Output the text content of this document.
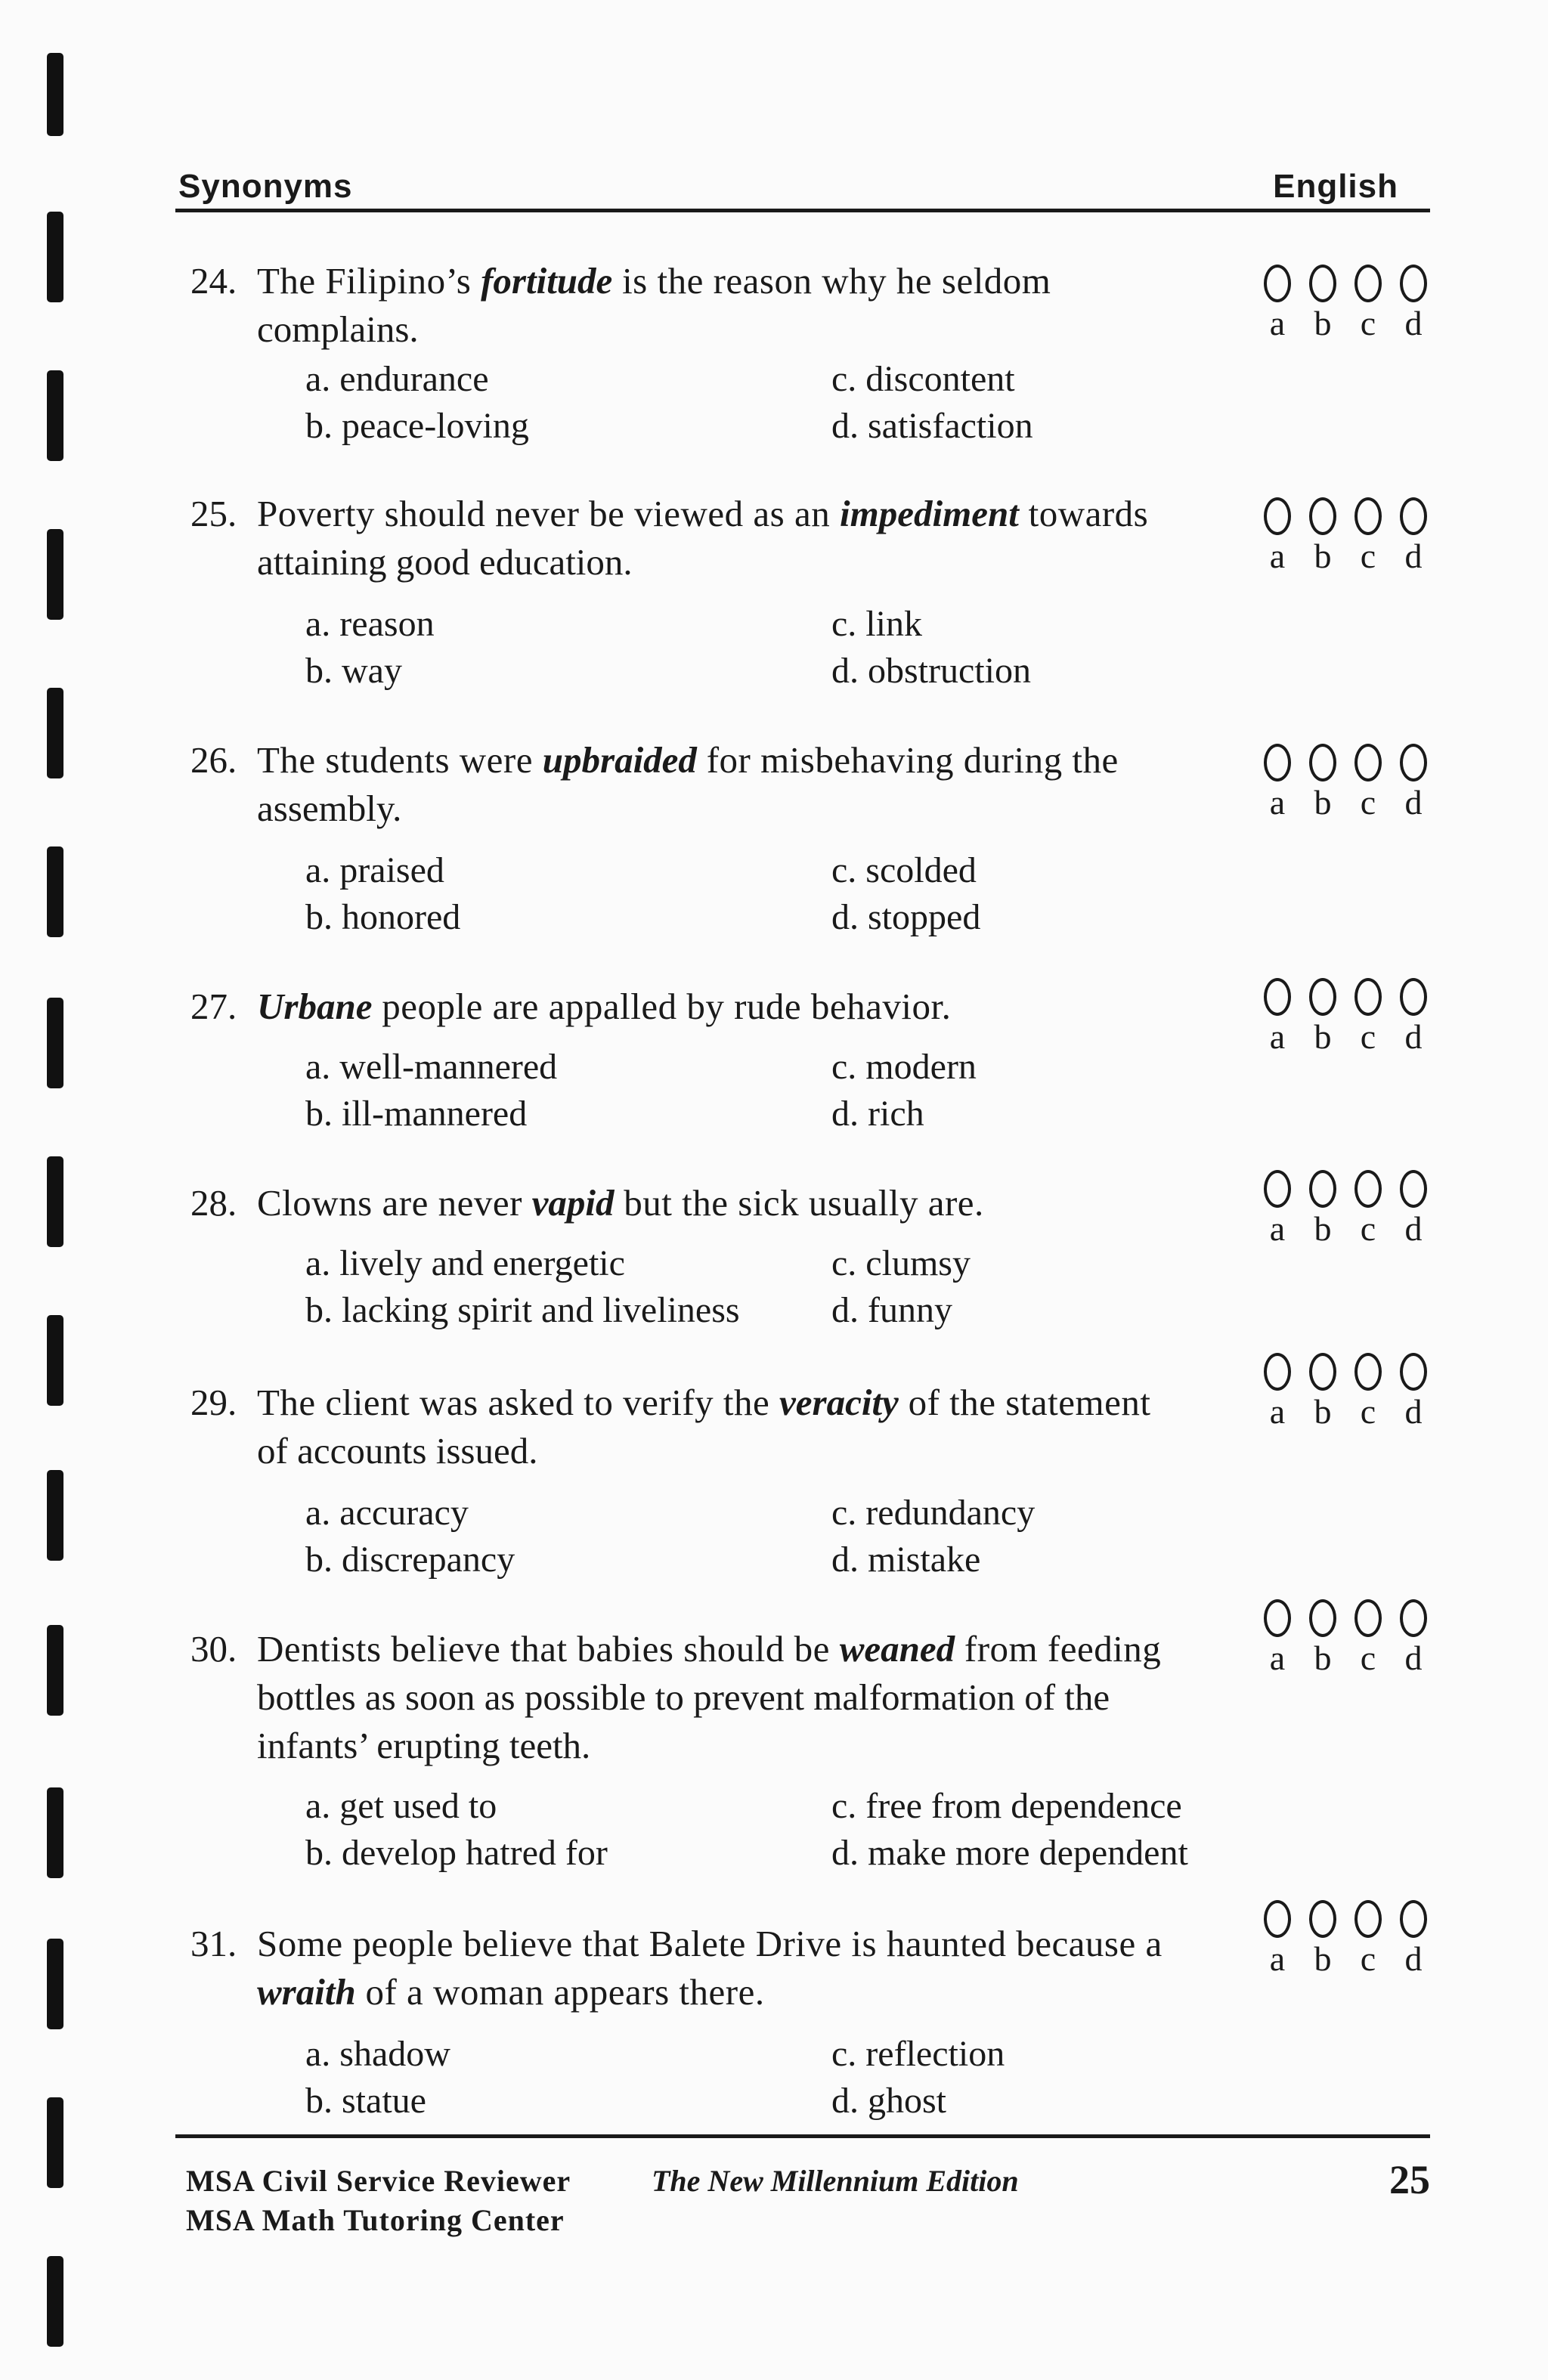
Synonyms	English
24. The Filipino’s fortitude is the reason why he seldom
complains.
a. endurance
b. peace-loving
c. discontent
d. satisfaction
a b c d
25. Poverty should never be viewed as an impediment towards
attaining good education.
a. reason
b. way
c. link
d. obstruction
a b c d
26. The students were upbraided for misbehaving during the
assembly.
a. praised
b. honored
c. scolded
d. stopped
a b c d
27. Urbane people are appalled by rude behavior.
a. well-mannered
b. ill-mannered
c. modern
d. rich
a b c d
28. Clowns are never vapid but the sick usually are.
a. lively and energetic
b. lacking spirit and liveliness
c. clumsy
d. funny
a b c d
29. The client was asked to verify the veracity of the statement
of accounts issued.
a. accuracy
b. discrepancy
c. redundancy
d. mistake
a b c d
30. Dentists believe that babies should be weaned from feeding
bottles as soon as possible to prevent malformation of the
infants’ erupting teeth.
a. get used to
b. develop hatred for
c. free from dependence
d. make more dependent
a b c d
31. Some people believe that Balete Drive is haunted because a
wraith of a woman appears there.
a. shadow
b. statue
c. reflection
d. ghost
a b c d
MSA Civil Service Reviewer
MSA Math Tutoring Center
The New Millennium Edition	25
